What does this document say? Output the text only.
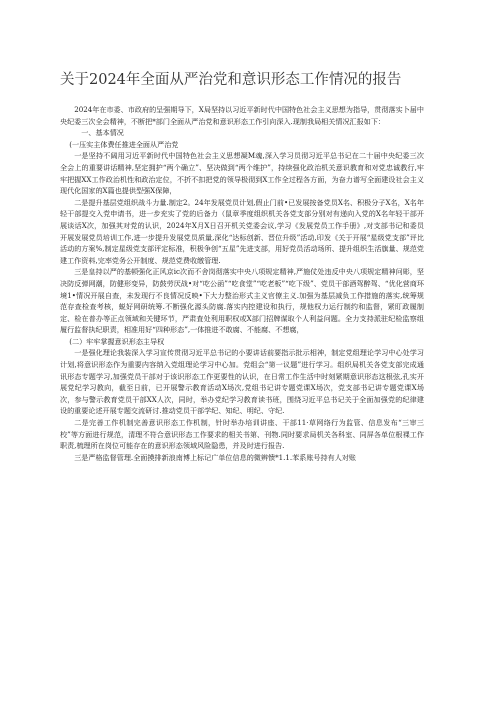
关于2024年全面从严治党和意识形态工作情况的报告

2024年在市委、市政府的呈强期导下，X局坚持以习近平新时代中国特色社会主义思想为指导，贯彻落实卜届中央纪委三次全会精神，不断把*部门全面从严治党和意识形态工作引向深入.现制我局相关情况汇报如下：

一、基本情况

(一压实主体费任推进全面从严治党

一是坚持不阔用习近平新时代中国特色社会主义思想凝M魂,深入学习员彻习近平总书记在二十届中央纪委三次全会上的重要讲话精神,坚定拥护“两个确立”、坚决做到“两个维护”，持续强化政治机关意识教育和对党忠诚教行,牢牢把握XX工作政治机性和政治定位，不折不扣把党的领导极彻到X工作全过程各方面，为奋力谱写全面建设社会主义现代化国家的X篇也提供型强X保障，

二是提升基层党组织战斗力量.制定2。24年发展党员计划,假止门前•已发展按备党员X名、积极分子X名，X名年轻干部提交入党申请书，进一步充实了党的后备力（鼠章季度组织机关各党支部分别对有递向入党的X名年轻干部开展谈话X次，加强其对党的认识，2024年X月X日召开机关党委会议,学习《发展党员工作手册》,对支部书记和委员开展发展党员培训工作,进一步提升发展党员质量,深化“达标创新、晋位升级”活动,印发《关于开展“星级党支部”评比活动的方案%,制定星级党支部评定标准，积极争创“五星”先进支部，用好党员活动场所、提升组织生活旗量、规范党建工作资料,完率党务公开制度、规范党费收缴管理.

三是皇持以严的基顿强化正风京ic次而不舍岗彻落实中央八项规定精神,严施仗处违反中央八项规定精神问彫，坚决防反弹网潮，防健形变异，防鼓劳厌战•对“吃公函”“吃食堂”“吃老板”“吃下级”、党员干部酒驾醉驾、“优化营商环境1•情况开展自查，未发现行不良情况反映•下大力整治形式主义官僚主义.加强为基层减负工作措施的落实,统筹规范存查检查考核，蜕好网研统筹.不断强化源头防腐.落实内控建设和执行，规他权力运行制约和监督，紧盯政履制定、检在普办等正点领域和关键环节，严肃査处利用职权或X部门招牌谋取个人利益问题。全力支持派驻纪检监察组履行监督执纪职责，相准用好“四种形态”,一体推进不敢腐、不能腐、不想腐，

(二）牢牢掌握意识形态主导权

一是强化理论我装深入学习宣传贯彻习近平总书记的小要讲话前要指示批示相神，制定党组理论学习中心处学习计划,将意识形态作为重要内容纳入党组理论学习中心加。党组会“第一议题”进行学习。组织局机关各党支部完成通讯形态专题学习,加强党员干部对于该识形态工作更要性的认识，在日常工作生活中时刻紧期意识形态这根弦,孔实开展党纪学习教向，截至日前，已开展警示教育活动X场次,党组书记讲专题党课X场次，党支部书记讲专题党课X场次，参与警示教育党员干部XX人次，同时，举办党纪学习教育读书班，围绕习近平总书记关于全面加强党的纪律建设的重要论述开展专题交流研讨.推动党员干部学纪、知纪、明纪、守纪.

二是完善工作机制完善意识形态工作机制，针时举办培训讲座、干部11·草网络行为监管、信息发布“三审三校”等方面进行规范，清理不符合意识形态工作要求的相关书第、刊物.同时要求局机关各科室、同屏各单位根裸工作职责,梳理所在岗位可能存在的意识形态领域风险隐患，并及时进行报告.

三是严格监督管理.全面摸排新浪南博上标记广单位信息的微辨愦*1.1.苯系账号持有人对账
